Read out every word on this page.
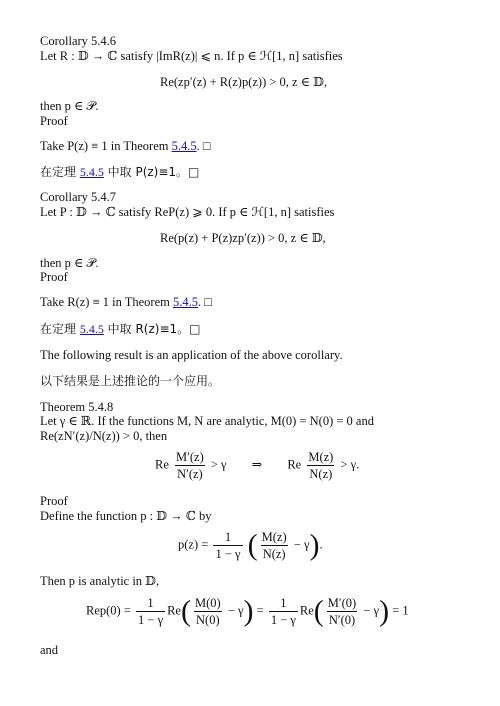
Corollary 5.4.6
Let R : 𝔻 → ℂ satisfy |ImR(z)| ⩽ n. If p ∈ ℋ[1, n] satisfies
Re(zp′(z) + R(z)p(z)) > 0, z ∈ 𝔻,
then p ∈ 𝒫.
Proof
Take P(z) ≡ 1 in Theorem 5.4.5. □
在定理 5.4.5 中取 P(z)≡1。□
Corollary 5.4.7
Let P : 𝔻 → ℂ satisfy ReP(z) ⩾ 0. If p ∈ ℋ[1, n] satisfies
Re(p(z) + P(z)zp′(z)) > 0, z ∈ 𝔻,
then p ∈ 𝒫.
Proof
Take R(z) ≡ 1 in Theorem 5.4.5. □
在定理 5.4.5 中取 R(z)≡1。□
The following result is an application of the above corollary.
以下结果是上述推论的一个应用。
Theorem 5.4.8
Let γ ∈ ℝ. If the functions M, N are analytic, M(0) = N(0) = 0 and
Re(zN′(z)/N(z)) > 0, then
Re $\frac{M'(z)}{N'(z)} > \gamma$ ⇒ Re $\frac{M(z)}{N(z)} > \gamma$.
Proof
Define the function p : 𝔻 → ℂ by
$p(z) = \frac{1}{1 - \gamma}$ ( $\frac{M(z)}{N(z)} - \gamma$).
Then p is analytic in 𝔻,
$Rep(0) = \frac{1}{1 - \gamma} Re( \frac{M(0)}{N(0)} - \gamma) = \frac{1}{1 - \gamma} Re( \frac{M'(0)}{N'(0)} - \gamma) = 1$
and
